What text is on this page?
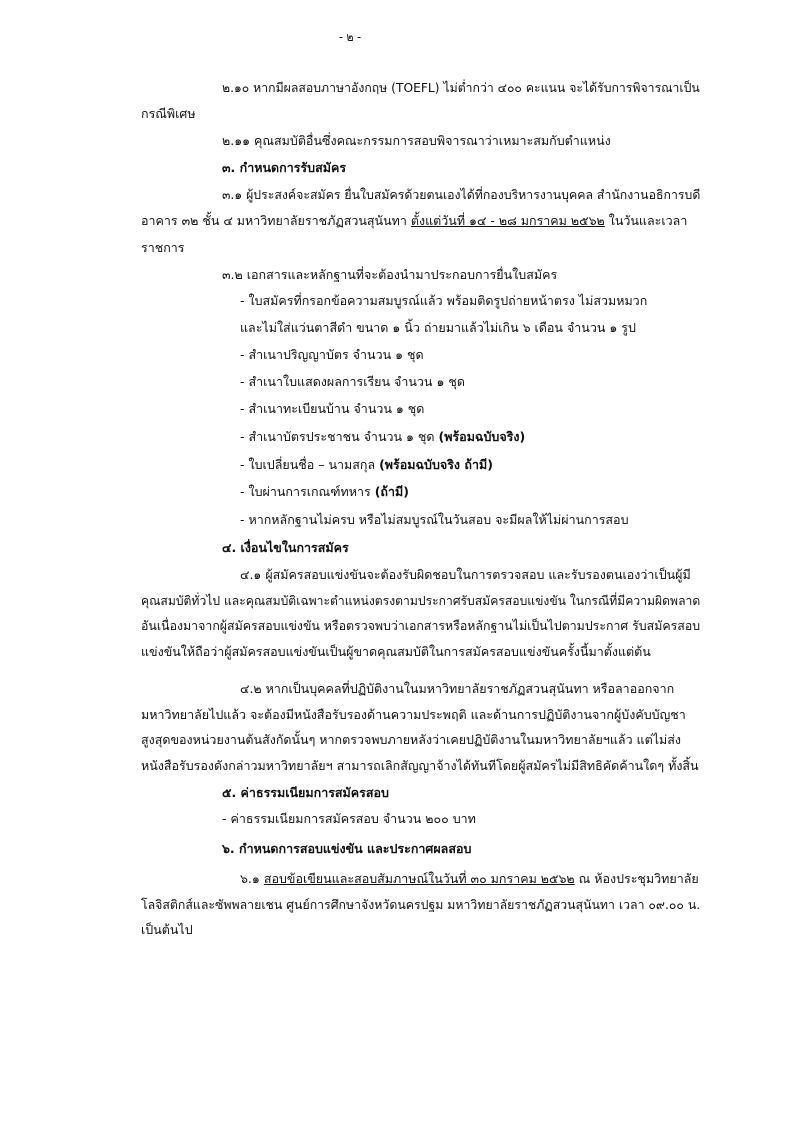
- ๒ -
๒.๑๐ หากมีผลสอบภาษาอังกฤษ (TOEFL) ไม่ต่ำกว่า ๔๐๐ คะแนน จะได้รับการพิจารณาเป็น
กรณีพิเศษ
๒.๑๑ คุณสมบัติอื่นซึ่งคณะกรรมการสอบพิจารณาว่าเหมาะสมกับตำแหน่ง
๓. กำหนดการรับสมัคร
๓.๑ ผู้ประสงค์จะสมัคร ยื่นใบสมัครด้วยตนเองได้ที่กองบริหารงานบุคคล สำนักงานอธิการบดี
อาคาร ๓๒ ชั้น ๔ มหาวิทยาลัยราชภัฏสวนสุนันทา ตั้งแต่วันที่ ๑๔ - ๒๘ มกราคม ๒๕๖๒ ในวันและเวลา
ราชการ
๓.๒ เอกสารและหลักฐานที่จะต้องนำมาประกอบการยื่นใบสมัคร
- ใบสมัครที่กรอกข้อความสมบูรณ์แล้ว พร้อมติดรูปถ่ายหน้าตรง ไม่สวมหมวก
และไม่ใส่แว่นตาสีดำ ขนาด ๑ นิ้ว ถ่ายมาแล้วไม่เกิน ๖ เดือน จำนวน ๑ รูป
- สำเนาปริญญาบัตร จำนวน ๑ ชุด
- สำเนาใบแสดงผลการเรียน จำนวน ๑ ชุด
- สำเนาทะเบียนบ้าน จำนวน ๑ ชุด
- สำเนาบัตรประชาชน จำนวน ๑ ชุด (พร้อมฉบับจริง)
- ใบเปลี่ยนชื่อ – นามสกุล (พร้อมฉบับจริง ถ้ามี)
- ใบผ่านการเกณฑ์ทหาร (ถ้ามี)
- หากหลักฐานไม่ครบ หรือไม่สมบูรณ์ในวันสอบ จะมีผลให้ไม่ผ่านการสอบ
๔. เงื่อนไขในการสมัคร
๔.๑ ผู้สมัครสอบแข่งขันจะต้องรับผิดชอบในการตรวจสอบ และรับรองตนเองว่าเป็นผู้มี
คุณสมบัติทั่วไป และคุณสมบัติเฉพาะตำแหน่งตรงตามประกาศรับสมัครสอบแข่งขัน ในกรณีที่มีความผิดพลาด
อันเนื่องมาจากผู้สมัครสอบแข่งขัน หรือตรวจพบว่าเอกสารหรือหลักฐานไม่เป็นไปตามประกาศ รับสมัครสอบ
แข่งขันให้ถือว่าผู้สมัครสอบแข่งขันเป็นผู้ขาดคุณสมบัติในการสมัครสอบแข่งขันครั้งนี้มาตั้งแต่ต้น
๔.๒ หากเป็นบุคคลที่ปฏิบัติงานในมหาวิทยาลัยราชภัฏสวนสุนันทา หรือลาออกจาก
มหาวิทยาลัยไปแล้ว จะต้องมีหนังสือรับรองด้านความประพฤติ และด้านการปฏิบัติงานจากผู้บังคับบัญชา
สูงสุดของหน่วยงานต้นสังกัดนั้นๆ หากตรวจพบภายหลังว่าเคยปฏิบัติงานในมหาวิทยาลัยฯแล้ว แต่ไม่ส่ง
หนังสือรับรองดังกล่าวมหาวิทยาลัยฯ สามารถเลิกสัญญาจ้างได้ทันทีโดยผู้สมัครไม่มีสิทธิคัดค้านใดๆ ทั้งสิ้น
๕. ค่าธรรมเนียมการสมัครสอบ
- ค่าธรรมเนียมการสมัครสอบ จำนวน ๒๐๐ บาท
๖. กำหนดการสอบแข่งขัน และประกาศผลสอบ
๖.๑ สอบข้อเขียนและสอบสัมภาษณ์ในวันที่ ๓๐ มกราคม ๒๕๖๒ ณ ห้องประชุมวิทยาลัย
โลจิสติกส์และซัพพลายเชน ศูนย์การศึกษาจังหวัดนครปฐม มหาวิทยาลัยราชภัฏสวนสุนันทา เวลา ๐๙.๐๐ น.
เป็นต้นไป
